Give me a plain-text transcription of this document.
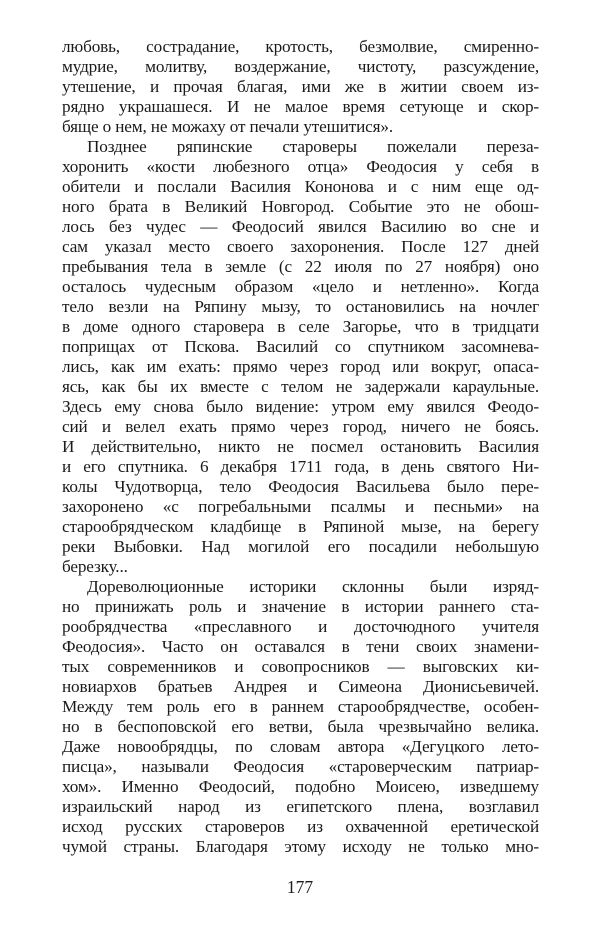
любовь, сострадание, кротость, безмолвие, смиренно-
мудрие, молитву, воздержание, чистоту, разсуждение,
утешение, и прочая благая, ими же в житии своем из-
рядно украшашеся. И не малое время сетующе и скор-
бяще о нем, не можаху от печали утешитися».
Позднее ряпинские староверы пожелали переза-
хоронить «кости любезного отца» Феодосия у себя в
обители и послали Василия Кононова и с ним еще од-
ного брата в Великий Новгород. Событие это не обош-
лось без чудес — Феодосий явился Василию во сне и
сам указал место своего захоронения. После 127 дней
пребывания тела в земле (с 22 июля по 27 ноября) оно
осталось чудесным образом «цело и нетленно». Когда
тело везли на Ряпину мызу, то остановились на ночлег
в доме одного старовера в селе Загорье, что в тридцати
поприщах от Пскова. Василий со спутником засомнева-
лись, как им ехать: прямо через город или вокруг, опаса-
ясь, как бы их вместе с телом не задержали караульные.
Здесь ему снова было видение: утром ему явился Феодо-
сий и велел ехать прямо через город, ничего не боясь.
И действительно, никто не посмел остановить Василия
и его спутника. 6 декабря 1711 года, в день святого Ни-
колы Чудотворца, тело Феодосия Васильева было пере-
захоронено «с погребальными псалмы и песньми» на
старообрядческом кладбище в Ряпиной мызе, на берегу
реки Выбовки. Над могилой его посадили небольшую
березку...
Дореволюционные историки склонны были изряд-
но принижать роль и значение в истории раннего ста-
рообрядчества «преславного и досточюдного учителя
Феодосия». Часто он оставался в тени своих знамени-
тых современников и совопросников — выговских ки-
новиархов братьев Андрея и Симеона Дионисьевичей.
Между тем роль его в раннем старообрядчестве, особен-
но в беспоповской его ветви, была чрезвычайно велика.
Даже новообрядцы, по словам автора «Дегуцкого лето-
писца», называли Феодосия «староверческим патриар-
хом». Именно Феодосий, подобно Моисею, изведшему
израильский народ из египетского плена, возглавил
исход русских староверов из охваченной еретической
чумой страны. Благодаря этому исходу не только мно-
177
